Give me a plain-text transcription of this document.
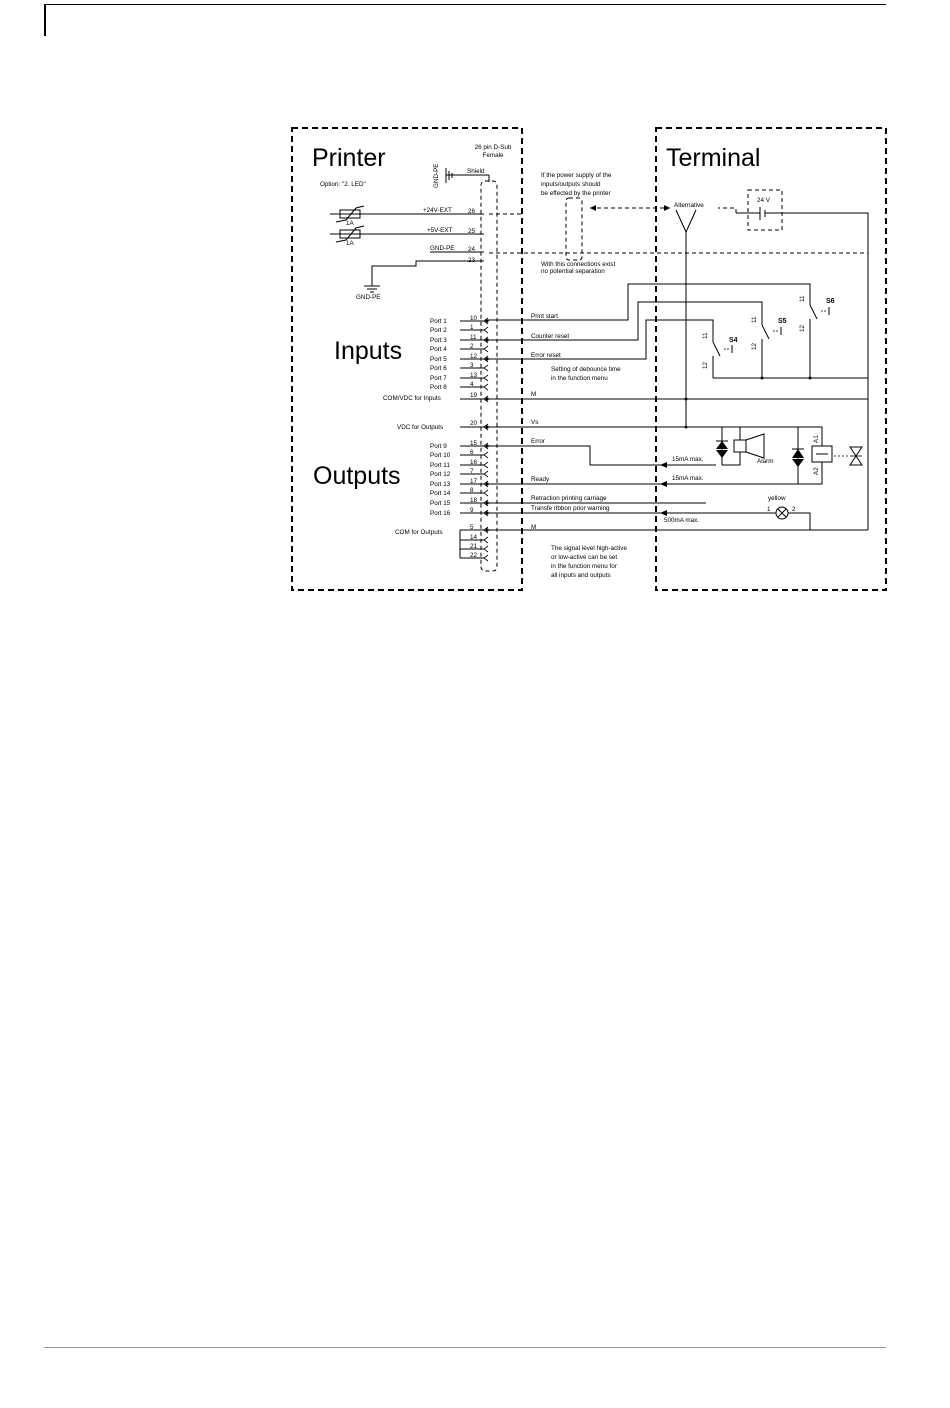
Printer
Option: "2. LED"
Inputs
Outputs
26 pin D-Sub
Female
GND-PE	Shield
1A
1A
+24V-EXT
+5V-EXT
GND-PE
26
25
24
23
GND-PE
Port 1	10
Port 2	1
Port 3	11
Port 4	2
Port 5	12
Port 6	3
Port 7	13
Port 8	4
COM/VDC for Inputs	19
VDC for Outputs
20
Port 9	15
Port 10	6
Port 11	16
Port 12	7
Port 13	17
Port 14	8
Port 15	18
Port 16	9
COM for Outputs
5
14
21
22
11
12
S4
11
12
S5
11
12
S6
24 V
Alternative
If the power supply of the
inputs/outputs should
be effected by the printer
With this connections exist
no potential separation
Print start
Counter reset
Error reset
Setting of debounce time
in the function menu
M
Vs
Error
Ready
Retraction printing carriage
Transfe ribbon prior warning
M
The signal level high-active
or low-active can be set
in the function menu for
all inputs and outputs
15mA max.
15mA max.
500mA max.
Alarm
A1
A2
yellow
1	2
Terminal
